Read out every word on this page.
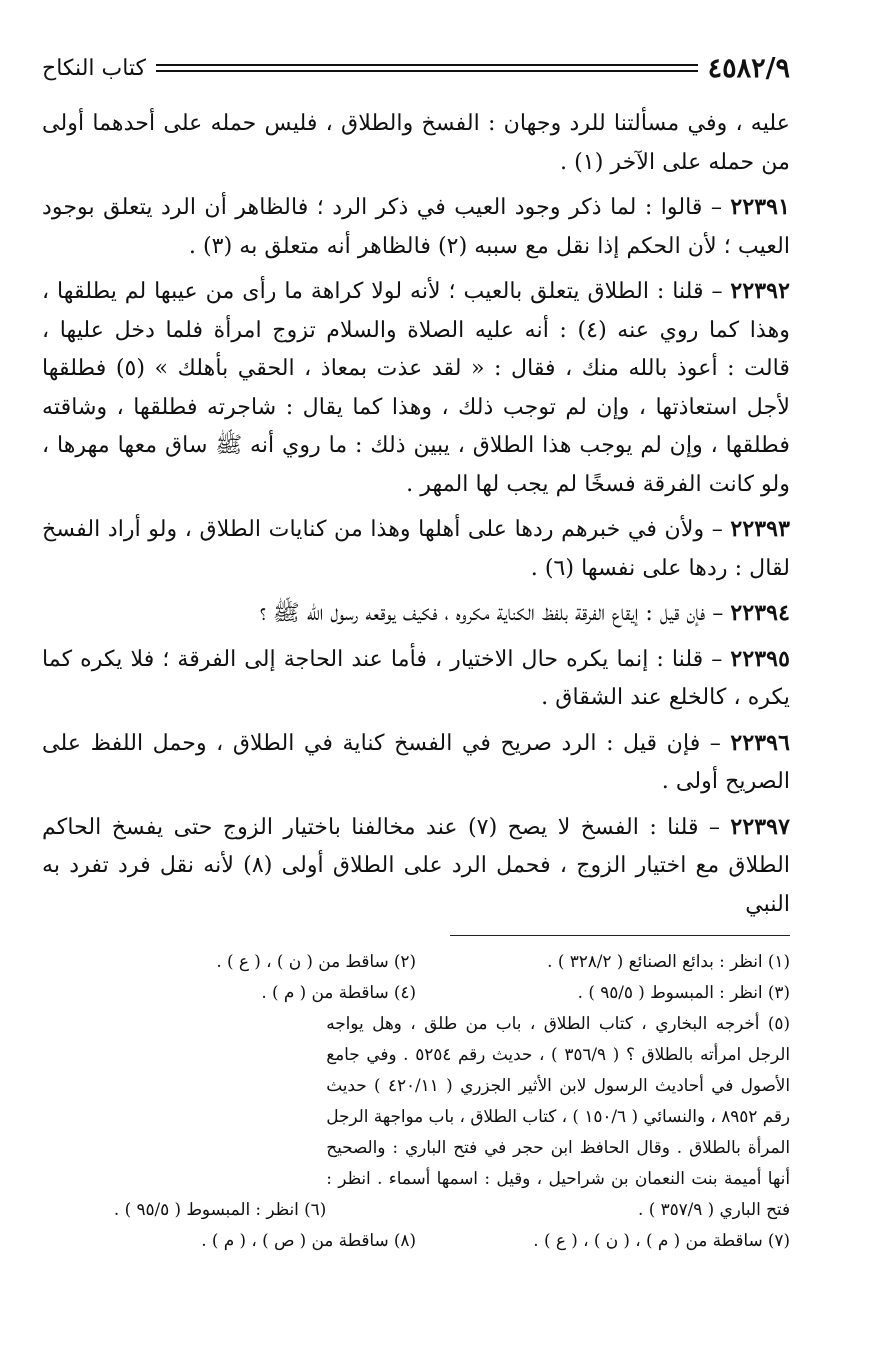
٤٥٨٢/٩
كتاب النكاح

عليه ، وفي مسألتنا للرد وجهان : الفسخ والطلاق ، فليس حمله على أحدهما أولى من حمله على الآخر (١) .

٢٢٣٩١ – قالوا : لما ذكر وجود العيب في ذكر الرد ؛ فالظاهر أن الرد يتعلق بوجود العيب ؛ لأن الحكم إذا نقل مع سببه (٢) فالظاهر أنه متعلق به (٣) .

٢٢٣٩٢ – قلنا : الطلاق يتعلق بالعيب ؛ لأنه لولا كراهة ما رأى من عيبها لم يطلقها ، وهذا كما روي عنه (٤) : أنه عليه الصلاة والسلام تزوج امرأة فلما دخل عليها ، قالت : أعوذ بالله منك ، فقال : « لقد عذت بمعاذ ، الحقي بأهلك » (٥) فطلقها لأجل استعاذتها ، وإن لم توجب ذلك ، وهذا كما يقال : شاجرته فطلقها ، وشاقته فطلقها ، وإن لم يوجب هذا الطلاق ، يبين ذلك : ما روي أنه ﷺ ساق معها مهرها ، ولو كانت الفرقة فسخًا لم يجب لها المهر .

٢٢٣٩٣ – ولأن في خبرهم ردها على أهلها وهذا من كنايات الطلاق ، ولو أراد الفسخ لقال : ردها على نفسها (٦) .

٢٢٣٩٤ – فإن قيل : إيقاع الفرقة بلفظ الكناية مكروه ، فكيف يوقعه رسول الله ﷺ ؟

٢٢٣٩٥ – قلنا : إنما يكره حال الاختيار ، فأما عند الحاجة إلى الفرقة ؛ فلا يكره كما يكره ، كالخلع عند الشقاق .

٢٢٣٩٦ – فإن قيل : الرد صريح في الفسخ كناية في الطلاق ، وحمل اللفظ على الصريح أولى .

٢٢٣٩٧ – قلنا : الفسخ لا يصح (٧) عند مخالفنا باختيار الزوج حتى يفسخ الحاكم الطلاق مع اختيار الزوج ، فحمل الرد على الطلاق أولى (٨) لأنه نقل فرد تفرد به النبي

(١) انظر : بدائع الصنائع ( ٣٢٨/٢ ) .
(٢) ساقط من ( ن ) ، ( ع ) .
(٣) انظر : المبسوط ( ٩٥/٥ ) .
(٤) ساقطة من ( م ) .
(٥) أخرجه البخاري ، كتاب الطلاق ، باب من طلق ، وهل يواجه الرجل امرأته بالطلاق ؟ ( ٣٥٦/٩ ) ، حديث رقم ٥٢٥٤ . وفي جامع الأصول في أحاديث الرسول لابن الأثير الجزري ( ٤٢٠/١١ ) حديث رقم ٨٩٥٢ ، والنسائي ( ١٥٠/٦ ) ، كتاب الطلاق ، باب مواجهة الرجل المرأة بالطلاق . وقال الحافظ ابن حجر في فتح الباري : والصحيح أنها أميمة بنت النعمان بن شراحيل ، وقيل : اسمها أسماء . انظر : فتح الباري ( ٣٥٧/٩ ) .
(٦) انظر : المبسوط ( ٩٥/٥ ) .
(٧) ساقطة من ( م ) ، ( ن ) ، ( ع ) .
(٨) ساقطة من ( ص ) ، ( م ) .
